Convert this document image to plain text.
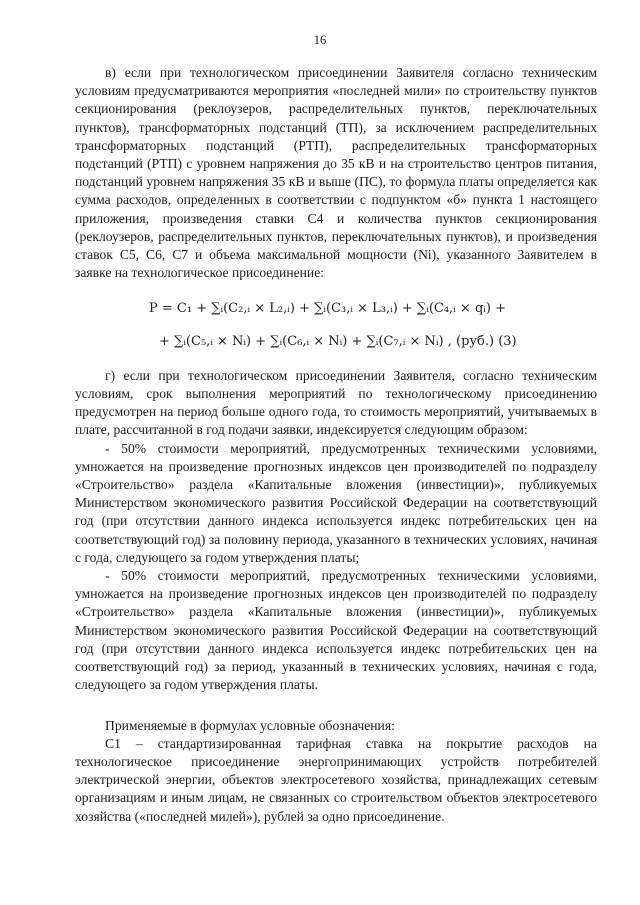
16

в) если при технологическом присоединении Заявителя согласно техническим условиям предусматриваются мероприятия «последней мили» по строительству пунктов секционирования (реклоузеров, распределительных пунктов, переключательных пунктов), трансформаторных подстанций (ТП), за исключением распределительных трансформаторных подстанций (РТП), распределительных трансформаторных подстанций (РТП) с уровнем напряжения до 35 кВ и на строительство центров питания, подстанций уровнем напряжения 35 кВ и выше (ПС), то формула платы определяется как сумма расходов, определенных в соответствии с подпунктом «б» пункта 1 настоящего приложения, произведения ставки C4 и количества пунктов секционирования (реклоузеров, распределительных пунктов, переключательных пунктов), и произведения ставок C5, C6, C7 и объема максимальной мощности (Ni), указанного Заявителем в заявке на технологическое присоединение:

P = C₁ + ∑ᵢ(C₂,ᵢ × L₂,ᵢ) + ∑ᵢ(C₃,ᵢ × L₃,ᵢ) + ∑ᵢ(C₄,ᵢ × qᵢ) +

+ ∑ᵢ(C₅,ᵢ × Nᵢ) + ∑ᵢ(C₆,ᵢ × Nᵢ) + ∑ᵢ(C₇,ᵢ × Nᵢ) , (руб.) (3)

г) если при технологическом присоединении Заявителя, согласно техническим условиям, срок выполнения мероприятий по технологическому присоединению предусмотрен на период больше одного года, то стоимость мероприятий, учитываемых в плате, рассчитанной в год подачи заявки, индексируется следующим образом:

- 50% стоимости мероприятий, предусмотренных техническими условиями, умножается на произведение прогнозных индексов цен производителей по подразделу «Строительство» раздела «Капитальные вложения (инвестиции)», публикуемых Министерством экономического развития Российской Федерации на соответствующий год (при отсутствии данного индекса используется индекс потребительских цен на соответствующий год) за половину периода, указанного в технических условиях, начиная с года, следующего за годом утверждения платы;

- 50% стоимости мероприятий, предусмотренных техническими условиями, умножается на произведение прогнозных индексов цен производителей по подразделу «Строительство» раздела «Капитальные вложения (инвестиции)», публикуемых Министерством экономического развития Российской Федерации на соответствующий год (при отсутствии данного индекса используется индекс потребительских цен на соответствующий год) за период, указанный в технических условиях, начиная с года, следующего за годом утверждения платы.

Применяемые в формулах условные обозначения:

C1 – стандартизированная тарифная ставка на покрытие расходов на технологическое присоединение энергопринимающих устройств потребителей электрической энергии, объектов электросетевого хозяйства, принадлежащих сетевым организациям и иным лицам, не связанных со строительством объектов электросетевого хозяйства («последней милей»), рублей за одно присоединение.
